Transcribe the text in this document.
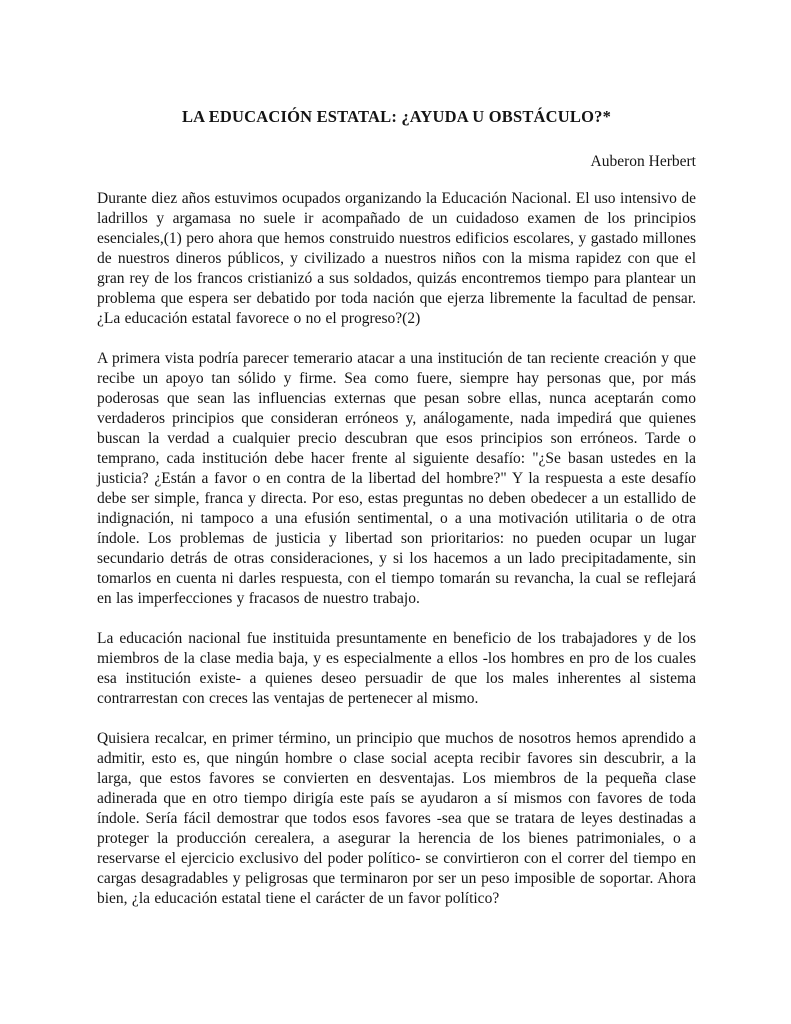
LA EDUCACIÓN ESTATAL: ¿AYUDA U OBSTÁCULO?*
Auberon Herbert

Durante diez años estuvimos ocupados organizando la Educación Nacional. El uso intensivo de ladrillos y argamasa no suele ir acompañado de un cuidadoso examen de los principios esenciales,(1) pero ahora que hemos construido nuestros edificios escolares, y gastado millones de nuestros dineros públicos, y civilizado a nuestros niños con la misma rapidez con que el gran rey de los francos cristianizó a sus soldados, quizás encontremos tiempo para plantear un problema que espera ser debatido por toda nación que ejerza libremente la facultad de pensar. ¿La educación estatal favorece o no el progreso?(2)

A primera vista podría parecer temerario atacar a una institución de tan reciente creación y que recibe un apoyo tan sólido y firme. Sea como fuere, siempre hay personas que, por más poderosas que sean las influencias externas que pesan sobre ellas, nunca aceptarán como verdaderos principios que consideran erróneos y, análogamente, nada impedirá que quienes buscan la verdad a cualquier precio descubran que esos principios son erróneos. Tarde o temprano, cada institución debe hacer frente al siguiente desafío: "¿Se basan ustedes en la justicia? ¿Están a favor o en contra de la libertad del hombre?" Y la respuesta a este desafío debe ser simple, franca y directa. Por eso, estas preguntas no deben obedecer a un estallido de indignación, ni tampoco a una efusión sentimental, o a una motivación utilitaria o de otra índole. Los problemas de justicia y libertad son prioritarios: no pueden ocupar un lugar secundario detrás de otras consideraciones, y si los hacemos a un lado precipitadamente, sin tomarlos en cuenta ni darles respuesta, con el tiempo tomarán su revancha, la cual se reflejará en las imperfecciones y fracasos de nuestro trabajo.

La educación nacional fue instituida presuntamente en beneficio de los trabajadores y de los miembros de la clase media baja, y es especialmente a ellos -los hombres en pro de los cuales esa institución existe- a quienes deseo persuadir de que los males inherentes al sistema contrarrestan con creces las ventajas de pertenecer al mismo.

Quisiera recalcar, en primer término, un principio que muchos de nosotros hemos aprendido a admitir, esto es, que ningún hombre o clase social acepta recibir favores sin descubrir, a la larga, que estos favores se convierten en desventajas. Los miembros de la pequeña clase adinerada que en otro tiempo dirigía este país se ayudaron a sí mismos con favores de toda índole. Sería fácil demostrar que todos esos favores -sea que se tratara de leyes destinadas a proteger la producción cerealera, a asegurar la herencia de los bienes patrimoniales, o a reservarse el ejercicio exclusivo del poder político- se convirtieron con el correr del tiempo en cargas desagradables y peligrosas que terminaron por ser un peso imposible de soportar. Ahora bien, ¿la educación estatal tiene el carácter de un favor político?
